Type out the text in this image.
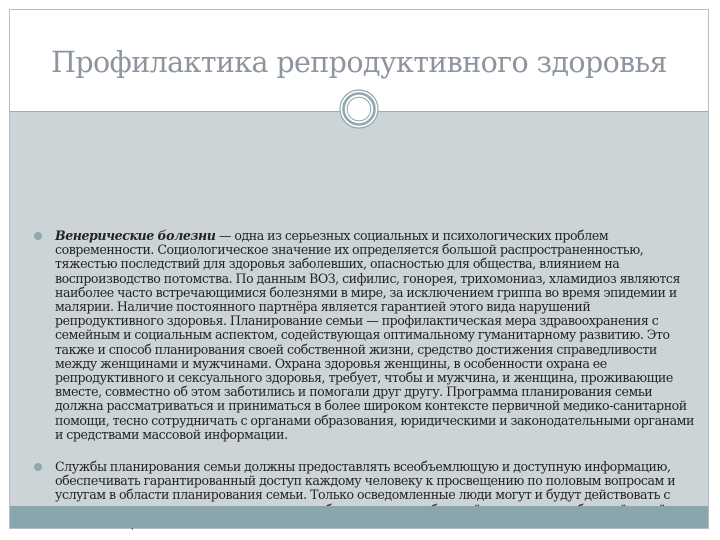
Профилактика репродуктивного здоровья
Венерические болезни — одна из серьезных социальных и психологических проблем современности. Социологическое значение их определяется большой распространенностью, тяжестью последствий для здоровья заболевших, опасностью для общества, влиянием на воспроизводство потомства. По данным ВОЗ, сифилис, гонорея, трихомониаз, хламидиоз являются наиболее часто встречающимися болезнями в мире, за исключением гриппа во время эпидемии и малярии. Наличие постоянного партнёра является гарантией этого вида нарушений репродуктивного здоровья. Планирование семьи — профилактическая мера здравоохранения с семейным и социальным аспектом, содействующая оптимальному гуманитарному развитию. Это также и способ планирования своей собственной жизни, средство достижения справедливости между женщинами и мужчинами. Охрана здоровья женщины, в особенности охрана ее репродуктивного и сексуального здоровья, требует, чтобы и мужчина, и женщина, проживающие вместе, совместно об этом заботились и помогали друг другу. Программа планирования семьи должна рассматриваться и приниматься в более широком контексте первичной медико-санитарной помощи, тесно сотрудничать с органами образования, юридическими и законодательными органами и средствами массовой информации.
Службы планирования семьи должны предоставлять всеобъемлющую и доступную информацию, обеспечивать гарантированный доступ каждому человеку к просвещению по половым вопросам и услугам в области планирования семьи. Только осведомленные люди могут и будут действовать с
